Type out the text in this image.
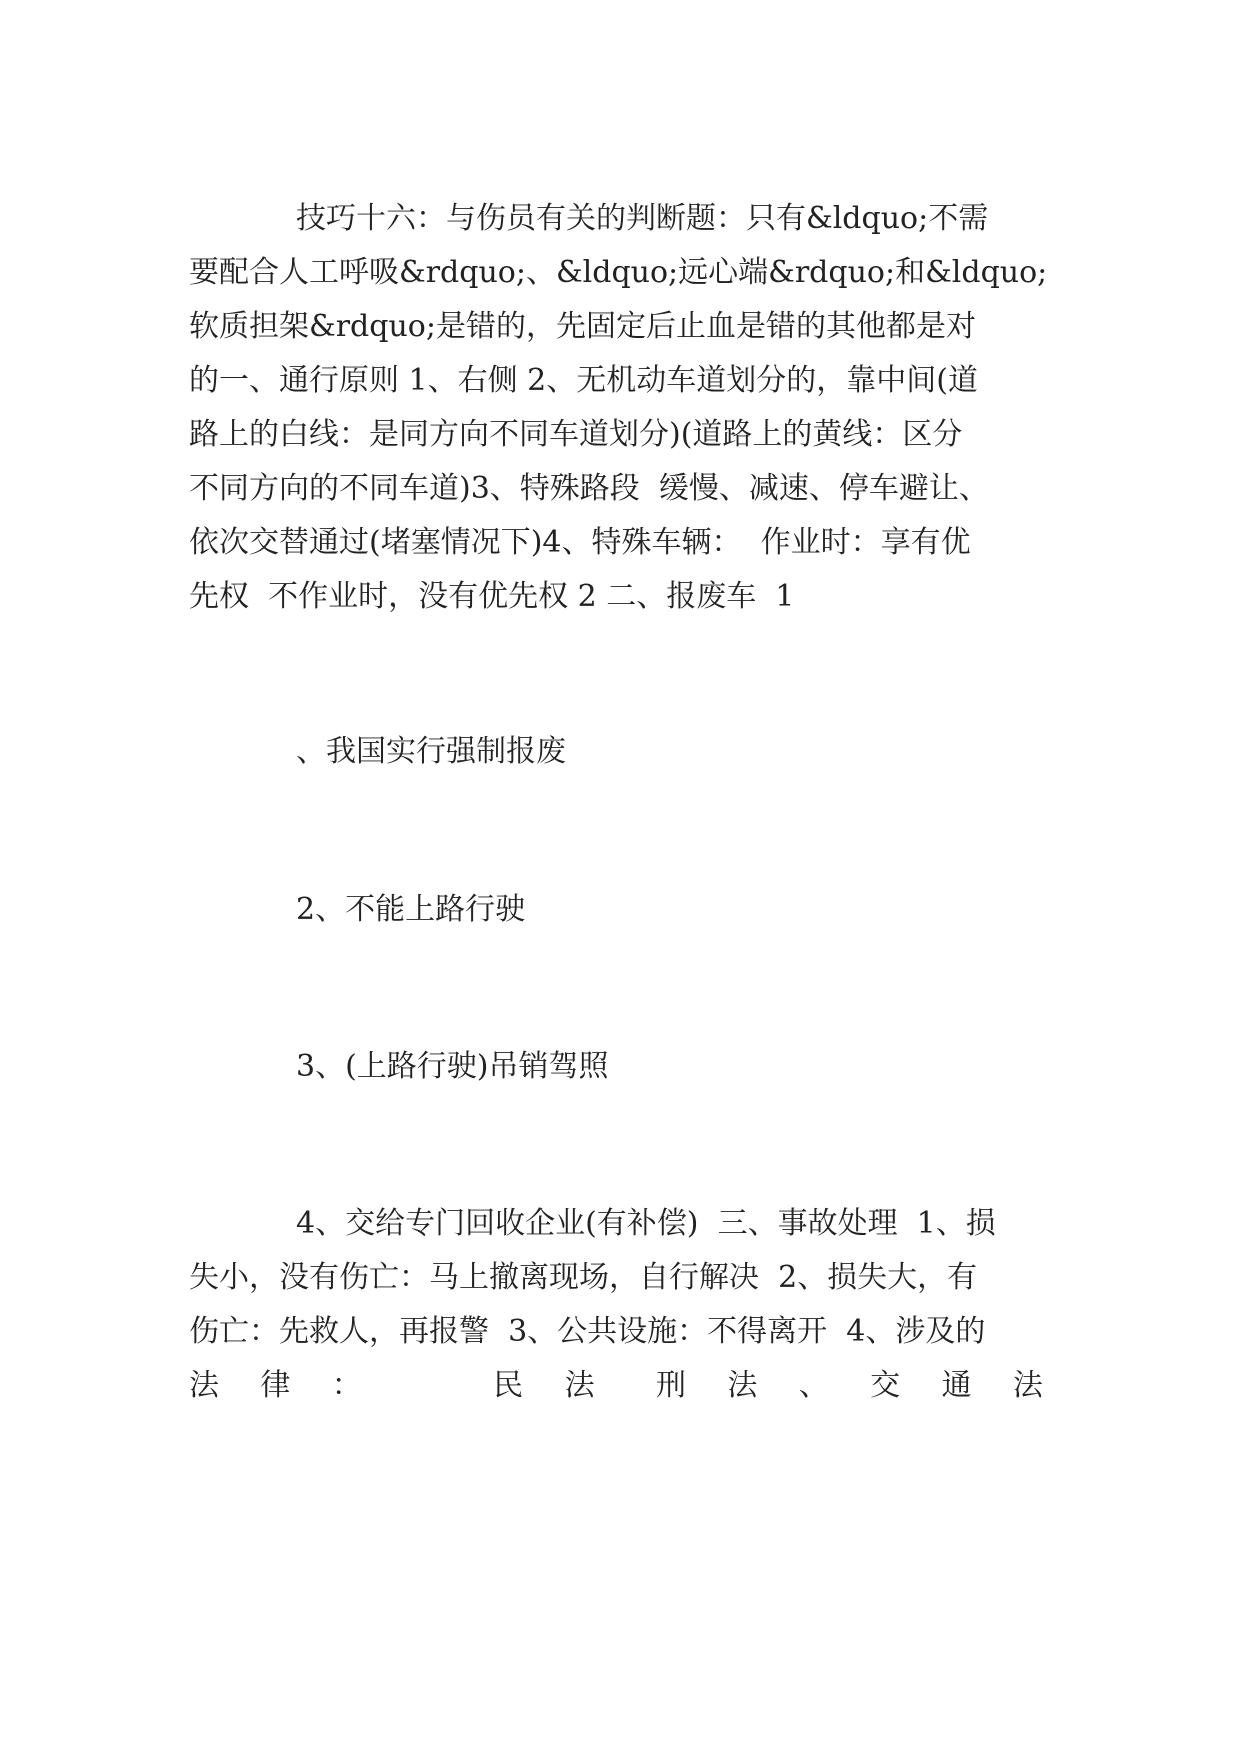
技巧十六：与伤员有关的判断题：只有&ldquo;不需
要配合人工呼吸&rdquo;、&ldquo;远心端&rdquo;和&ldquo;
软质担架&rdquo;是错的，先固定后止血是错的其他都是对
的一、通行原则 1、右侧 2、无机动车道划分的，靠中间(道
路上的白线：是同方向不同车道划分)(道路上的黄线：区分
不同方向的不同车道)3、特殊路段  缓慢、减速、停车避让、
依次交替通过(堵塞情况下)4、特殊车辆：  作业时：享有优
先权  不作业时，没有优先权 2 二、报废车  1
、我国实行强制报废
2、不能上路行驶
3、(上路行驶)吊销驾照
4、交给专门回收企业(有补偿)  三、事故处理  1、损
失小，没有伤亡：马上撤离现场，自行解决  2、损失大，有
伤亡：先救人，再报警  3、公共设施：不得离开  4、涉及的
法 律 ：	民 法 刑 法 、 交 通 法
